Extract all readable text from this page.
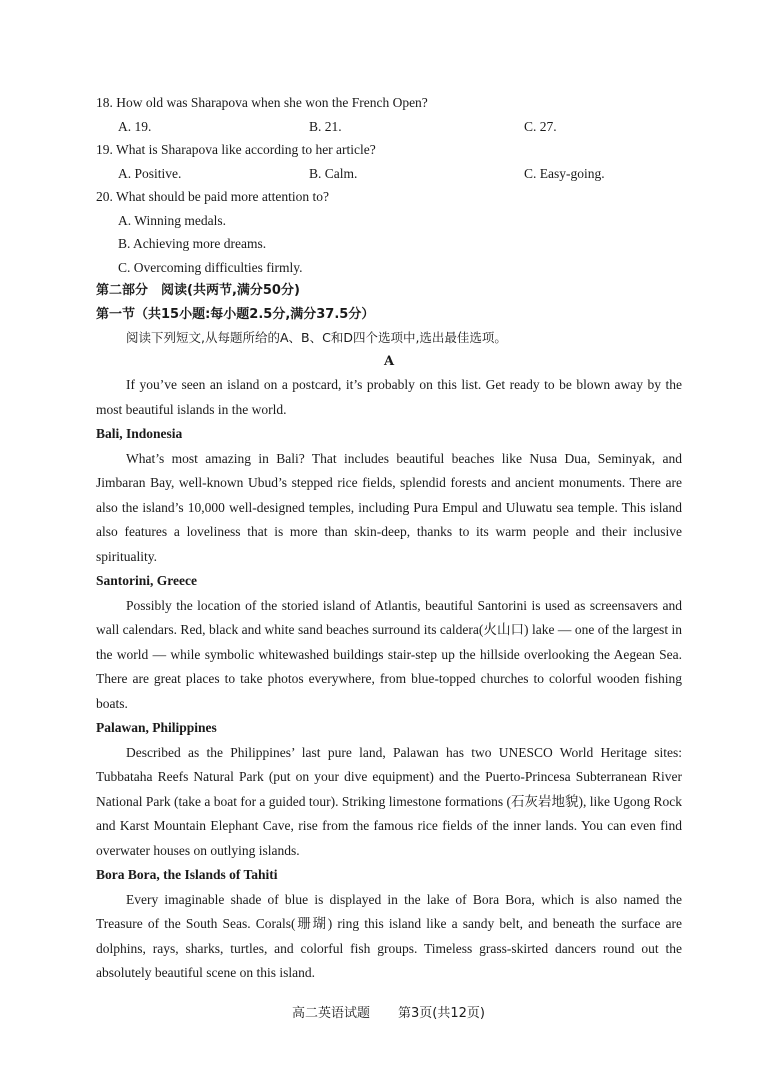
18. How old was Sharapova when she won the French Open?
A. 19.	B. 21.	C. 27.
19. What is Sharapova like according to her article?
A. Positive.	B. Calm.	C. Easy-going.
20. What should be paid more attention to?
A. Winning medals.
B. Achieving more dreams.
C. Overcoming difficulties firmly.
第二部分　阅读(共两节,满分50分)
第一节（共15小题:每小题2.5分,满分37.5分）
阅读下列短文,从每题所给的A、B、C和D四个选项中,选出最佳选项。
A

If you’ve seen an island on a postcard, it’s probably on this list. Get ready to be blown away by the most beautiful islands in the world.

Bali, Indonesia

What’s most amazing in Bali? That includes beautiful beaches like Nusa Dua, Seminyak, and Jimbaran Bay, well-known Ubud’s stepped rice fields, splendid forests and ancient monuments. There are also the island’s 10,000 well-designed temples, including Pura Empul and Uluwatu sea temple. This island also features a loveliness that is more than skin-deep, thanks to its warm people and their inclusive spirituality.

Santorini, Greece

Possibly the location of the storied island of Atlantis, beautiful Santorini is used as screensavers and wall calendars. Red, black and white sand beaches surround its caldera(火山口) lake — one of the largest in the world — while symbolic whitewashed buildings stair-step up the hillside overlooking the Aegean Sea. There are great places to take photos everywhere, from blue-topped churches to colorful wooden fishing boats.

Palawan, Philippines

Described as the Philippines’ last pure land, Palawan has two UNESCO World Heritage sites: Tubbataha Reefs Natural Park (put on your dive equipment) and the Puerto-Princesa Subterranean River National Park (take a boat for a guided tour). Striking limestone formations (石灰岩地貌), like Ugong Rock and Karst Mountain Elephant Cave, rise from the famous rice fields of the inner lands. You can even find overwater houses on outlying islands.

Bora Bora, the Islands of Tahiti

Every imaginable shade of blue is displayed in the lake of Bora Bora, which is also named the Treasure of the South Seas. Corals(珊瑚) ring this island like a sandy belt, and beneath the surface are dolphins, rays, sharks, turtles, and colorful fish groups. Timeless grass-skirted dancers round out the absolutely beautiful scene on this island.

高二英语试题 第3页(共12页)
